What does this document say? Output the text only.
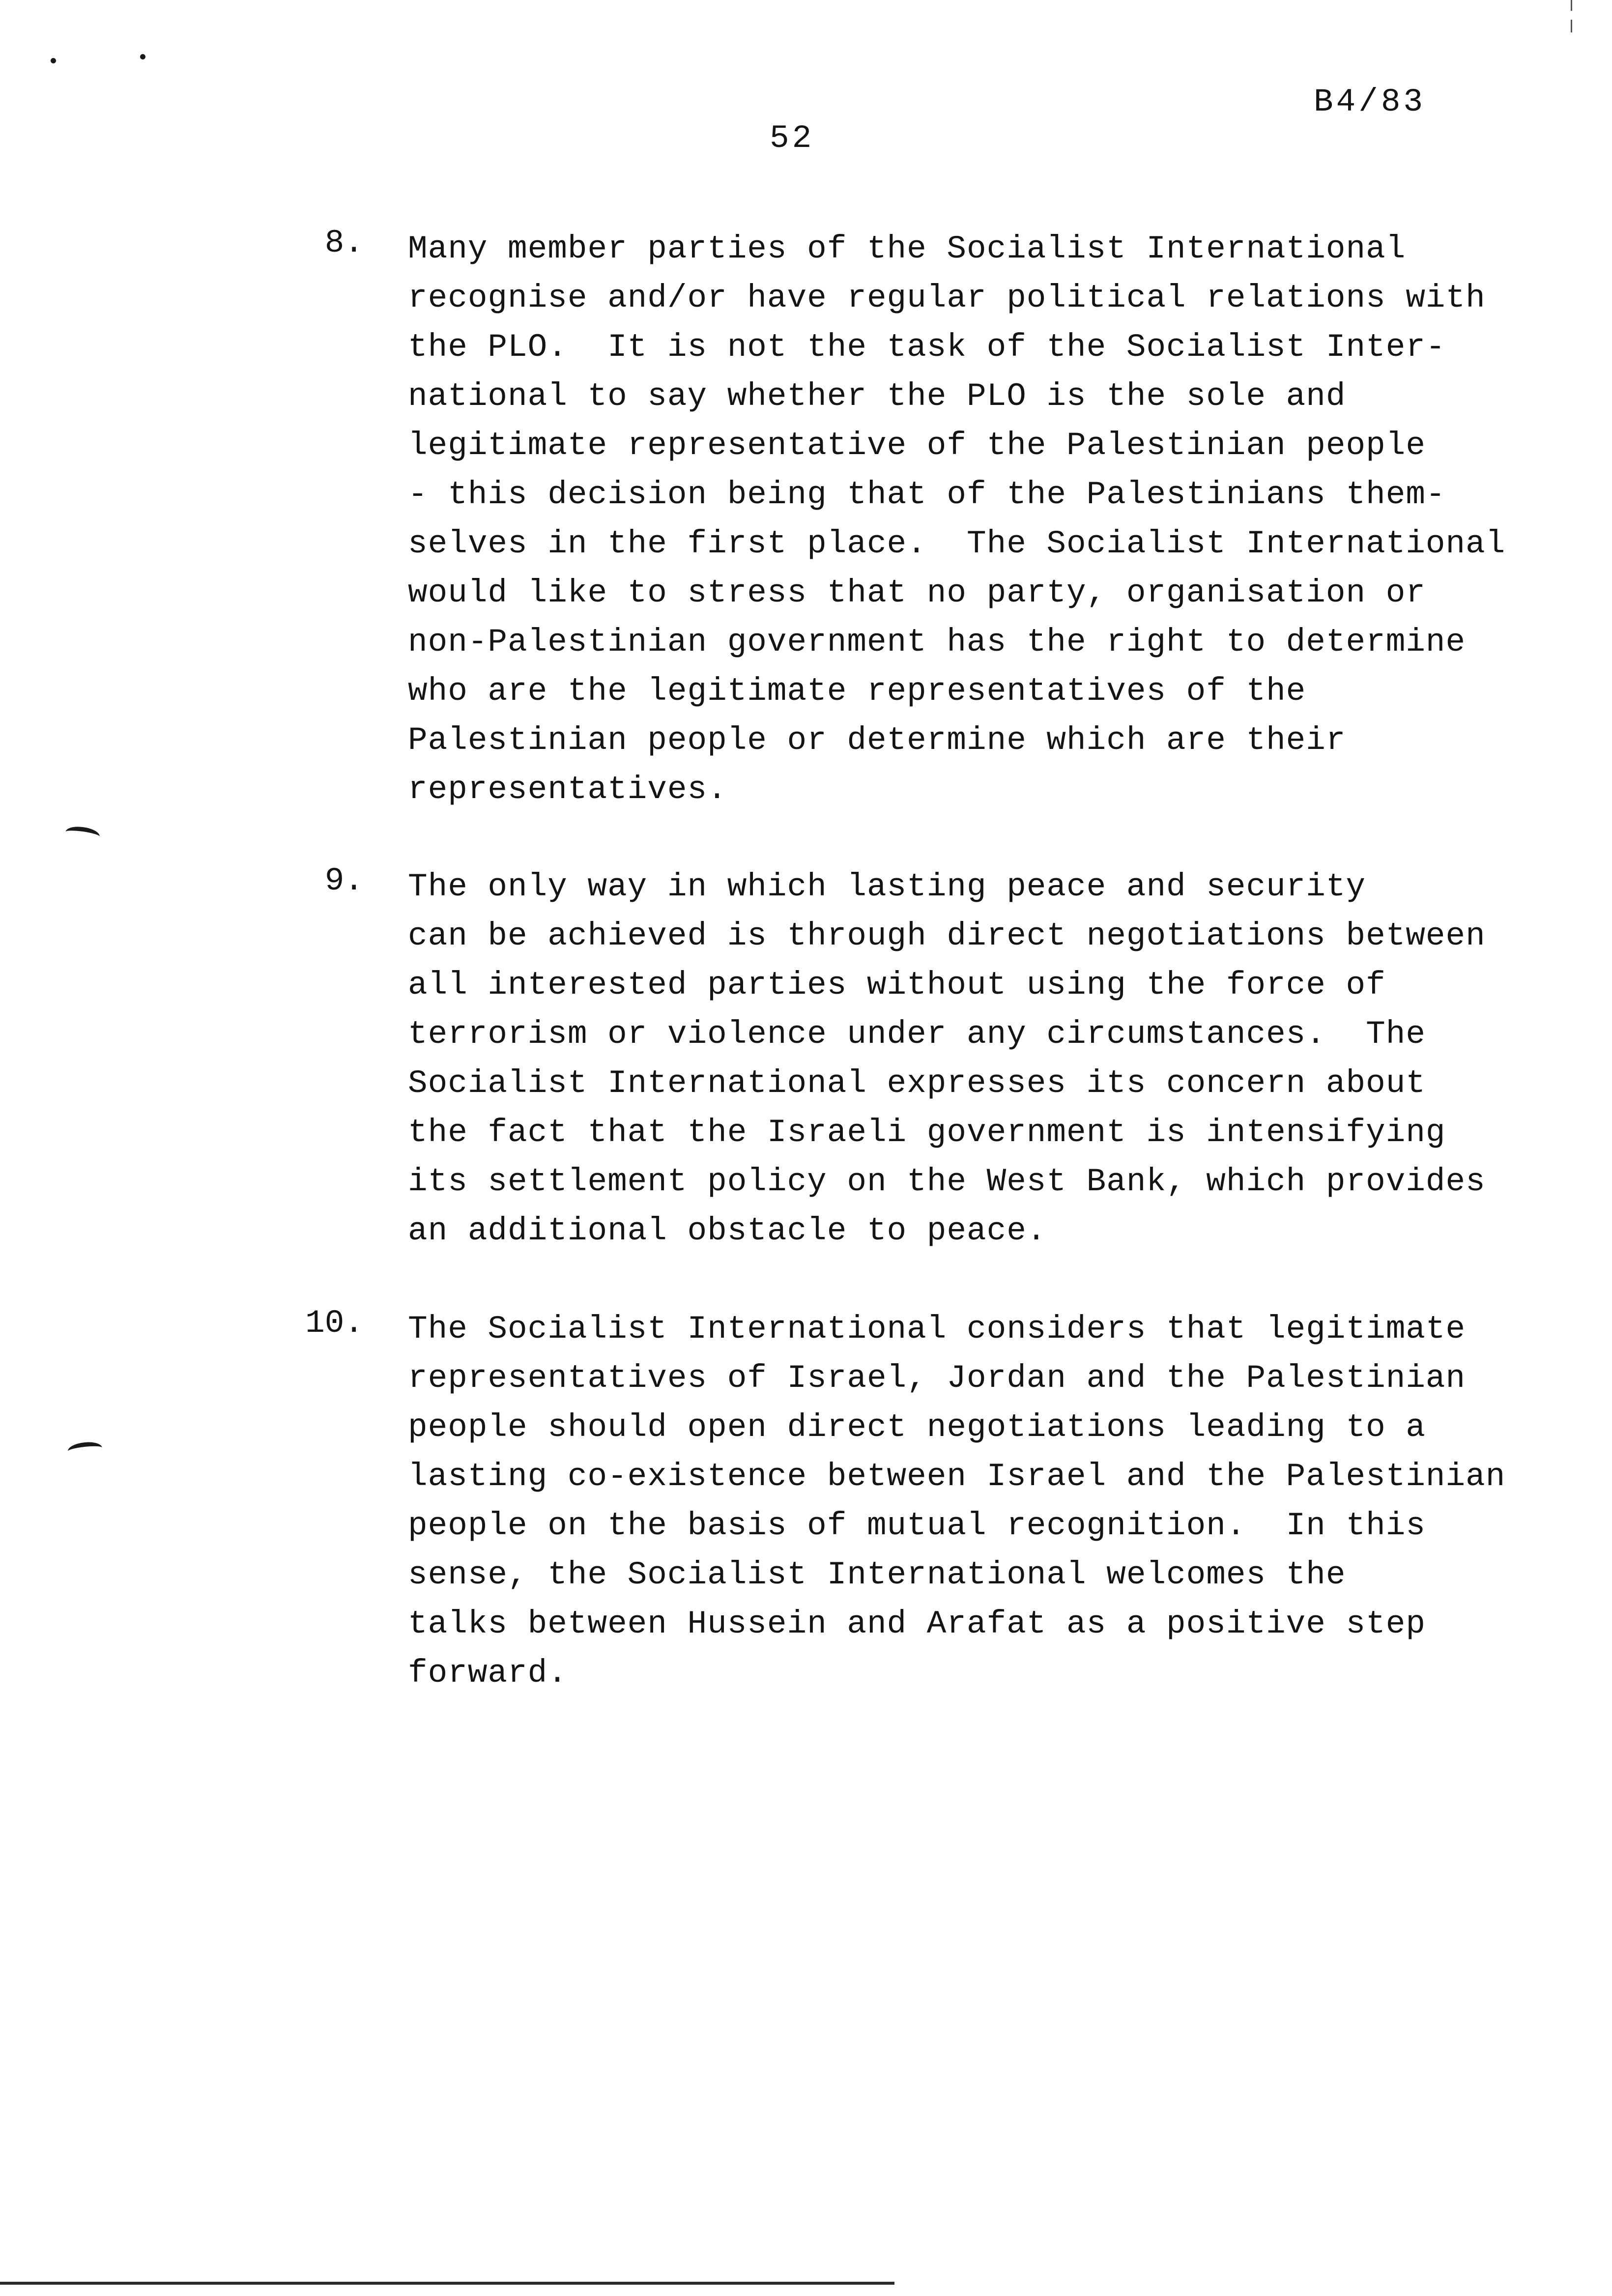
B4/83
52
8. Many member parties of the Socialist International
recognise and/or have regular political relations with
the PLO.  It is not the task of the Socialist Inter-
national to say whether the PLO is the sole and
legitimate representative of the Palestinian people
- this decision being that of the Palestinians them-
selves in the first place.  The Socialist International
would like to stress that no party, organisation or
non-Palestinian government has the right to determine
who are the legitimate representatives of the
Palestinian people or determine which are their
representatives.
9. The only way in which lasting peace and security
can be achieved is through direct negotiations between
all interested parties without using the force of
terrorism or violence under any circumstances.  The
Socialist International expresses its concern about
the fact that the Israeli government is intensifying
its settlement policy on the West Bank, which provides
an additional obstacle to peace.
10. The Socialist International considers that legitimate
representatives of Israel, Jordan and the Palestinian
people should open direct negotiations leading to a
lasting co-existence between Israel and the Palestinian
people on the basis of mutual recognition.  In this
sense, the Socialist International welcomes the
talks between Hussein and Arafat as a positive step
forward.
